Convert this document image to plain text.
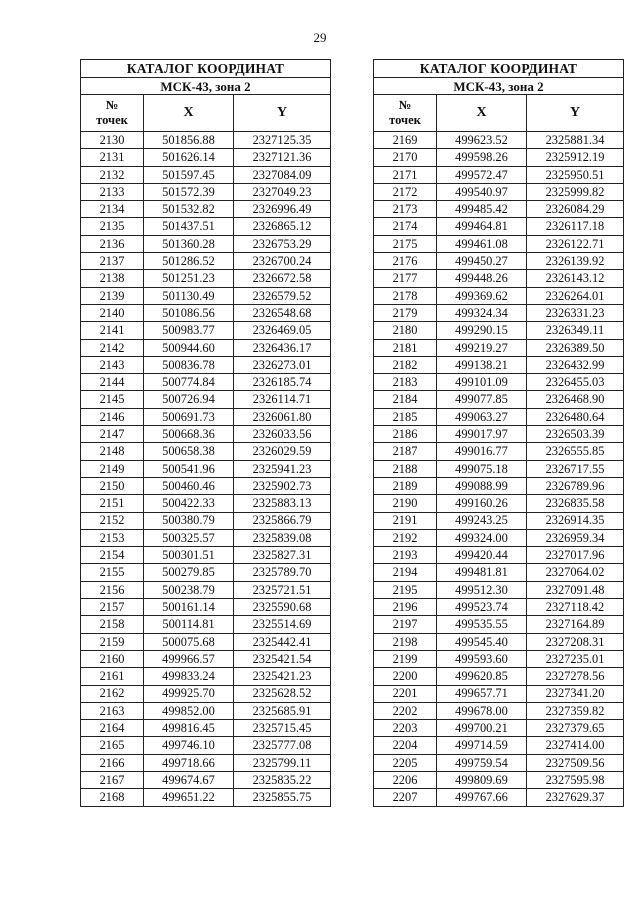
29
КАТАЛОГ КООРДИНАТ		
МСК-43, зона 2		

№
точек	X	Y
2130	501856.88	2327125.35
2131	501626.14	2327121.36
2132	501597.45	2327084.09
2133	501572.39	2327049.23
2134	501532.82	2326996.49
2135	501437.51	2326865.12
2136	501360.28	2326753.29
2137	501286.52	2326700.24
2138	501251.23	2326672.58
2139	501130.49	2326579.52
2140	501086.56	2326548.68
2141	500983.77	2326469.05
2142	500944.60	2326436.17
2143	500836.78	2326273.01
2144	500774.84	2326185.74
2145	500726.94	2326114.71
2146	500691.73	2326061.80
2147	500668.36	2326033.56
2148	500658.38	2326029.59
2149	500541.96	2325941.23
2150	500460.46	2325902.73
2151	500422.33	2325883.13
2152	500380.79	2325866.79
2153	500325.57	2325839.08
2154	500301.51	2325827.31
2155	500279.85	2325789.70
2156	500238.79	2325721.51
2157	500161.14	2325590.68
2158	500114.81	2325514.69
2159	500075.68	2325442.41
2160	499966.57	2325421.54
2161	499833.24	2325421.23
2162	499925.70	2325628.52
2163	499852.00	2325685.91
2164	499816.45	2325715.45
2165	499746.10	2325777.08
2166	499718.66	2325799.11
2167	499674.67	2325835.22
2168	499651.22	2325855.75
КАТАЛОГ КООРДИНАТ		
МСК-43, зона 2		

№
точек	X	Y
2169	499623.52	2325881.34
2170	499598.26	2325912.19
2171	499572.47	2325950.51
2172	499540.97	2325999.82
2173	499485.42	2326084.29
2174	499464.81	2326117.18
2175	499461.08	2326122.71
2176	499450.27	2326139.92
2177	499448.26	2326143.12
2178	499369.62	2326264.01
2179	499324.34	2326331.23
2180	499290.15	2326349.11
2181	499219.27	2326389.50
2182	499138.21	2326432.99
2183	499101.09	2326455.03
2184	499077.85	2326468.90
2185	499063.27	2326480.64
2186	499017.97	2326503.39
2187	499016.77	2326555.85
2188	499075.18	2326717.55
2189	499088.99	2326789.96
2190	499160.26	2326835.58
2191	499243.25	2326914.35
2192	499324.00	2326959.34
2193	499420.44	2327017.96
2194	499481.81	2327064.02
2195	499512.30	2327091.48
2196	499523.74	2327118.42
2197	499535.55	2327164.89
2198	499545.40	2327208.31
2199	499593.60	2327235.01
2200	499620.85	2327278.56
2201	499657.71	2327341.20
2202	499678.00	2327359.82
2203	499700.21	2327379.65
2204	499714.59	2327414.00
2205	499759.54	2327509.56
2206	499809.69	2327595.98
2207	499767.66	2327629.37
